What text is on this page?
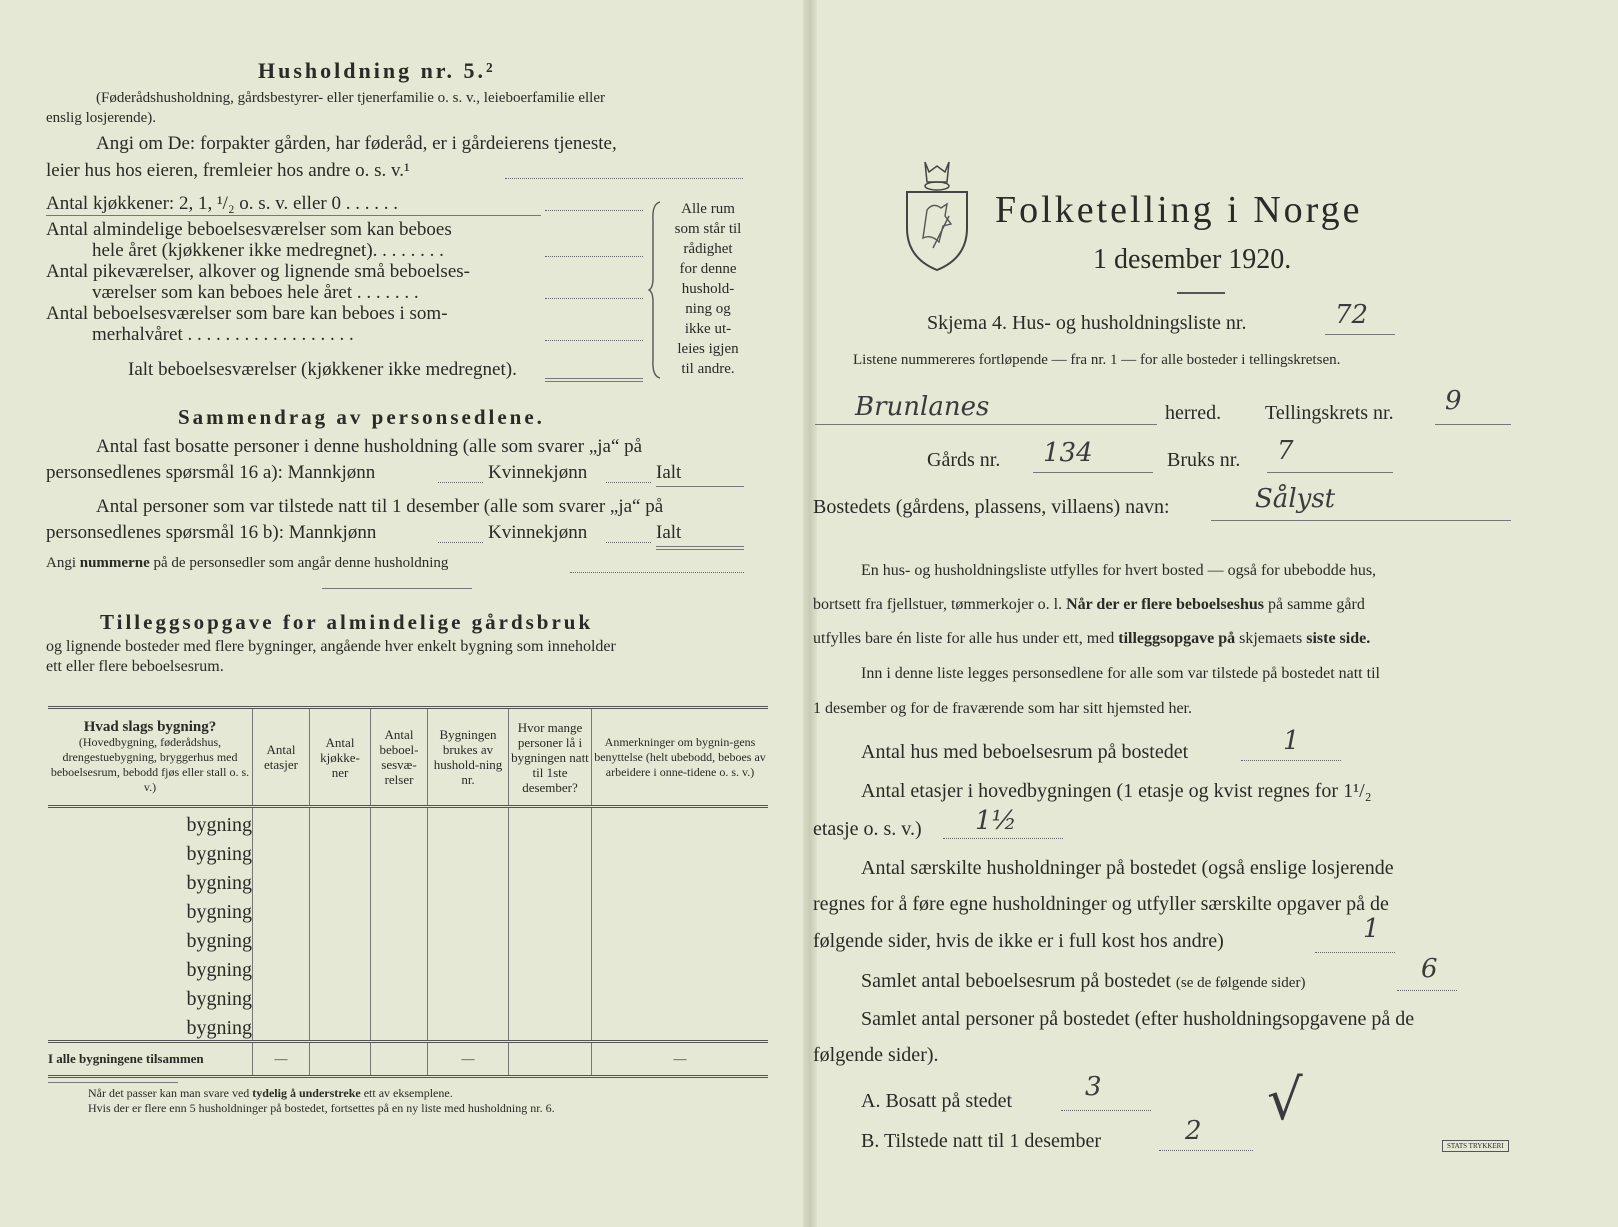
Husholdning nr. 5.²
(Føderådshusholdning, gårdsbestyrer- eller tjenerfamilie o. s. v., leieboerfamilie eller
enslig losjerende).
Angi om De: forpakter gården, har føderåd, er i gårdeierens tjeneste,
leier hus hos eieren, fremleier hos andre o. s. v.¹
Antal kjøkkener: 2, 1, ¹/₂ o. s. v. eller 0 . . . . . .
Antal almindelige beboelsesværelser som kan beboes
hele året (kjøkkener ikke medregnet). . . . . . . .
Antal pikeværelser, alkover og lignende små beboelses-
værelser som kan beboes hele året . . . . . . .
Antal beboelsesværelser som bare kan beboes i som-
merhalvåret . . . . . . . . . . . . . . . . . .
Ialt beboelsesværelser (kjøkkener ikke medregnet).
Alle rum
som står til
rådighet
for denne
hushold-
ning og
ikke ut-
leies igjen
til andre.
Sammendrag av personsedlene.
Antal fast bosatte personer i denne husholdning (alle som svarer „ja“ på
personsedlenes spørsmål 16 a): Mannkjønn	Kvinnekjønn	Ialt
Antal personer som var tilstede natt til 1 desember (alle som svarer „ja“ på
personsedlenes spørsmål 16 b): Mannkjønn	Kvinnekjønn	Ialt
Angi nummerne på de personsedler som angår denne husholdning
Tilleggsopgave for almindelige gårdsbruk
og lignende bosteder med flere bygninger, angående hver enkelt bygning som inneholder
ett eller flere beboelsesrum.
Hvad slags bygning?
(Hovedbygning, føderådshus, drengestuebygning, bryggerhus med beboelsesrum, bebodd fjøs eller stall o. s. v.)	Antal etasjer	Antal kjøkke-ner	Antal beboel-sesvæ-relser	Bygningen brukes av hushold-ning nr.	Hvor mange personer lå i bygningen natt til 1ste desember?	Anmerkninger om bygnin-gens benyttelse (helt ubebodd, beboes av arbeidere i onne-tidene o. s. v.)
bygning						
bygning						
bygning						
bygning						
bygning						
bygning						
bygning						
bygning						
I alle bygningene tilsammen	—			—		—
Når det passer kan man svare ved tydelig å understreke ett av eksemplene.
Hvis der er flere enn 5 husholdninger på bostedet, fortsettes på en ny liste med husholdning nr. 6.
Folketelling i Norge
1 desember 1920.
Skjema 4. Hus- og husholdningsliste nr.	72
Listene nummereres fortløpende — fra nr. 1 — for alle bosteder i tellingskretsen.
Brunlanes	herred. Tellingskrets nr. 9
Gårds nr. 134	Bruks nr. 7
Bostedets (gårdens, plassens, villaens) navn:	Sålyst
En hus- og husholdningsliste utfylles for hvert bosted — også for ubebodde hus,
bortsett fra fjellstuer, tømmerkojer o. l. Når der er flere beboelseshus på samme gård
utfylles bare én liste for alle hus under ett, med tilleggsopgave på skjemaets siste side.
Inn i denne liste legges personsedlene for alle som var tilstede på bostedet natt til
1 desember og for de fraværende som har sitt hjemsted her.
Antal hus med beboelsesrum på bostedet	1
Antal etasjer i hovedbygningen (1 etasje og kvist regnes for 1¹/₂
etasje o. s. v.) 1½
Antal særskilte husholdninger på bostedet (også enslige losjerende
regnes for å føre egne husholdninger og utfyller særskilte opgaver på de
følgende sider, hvis de ikke er i full kost hos andre)	1
Samlet antal beboelsesrum på bostedet (se de følgende sider)	6
Samlet antal personer på bostedet (efter husholdningsopgavene på de
følgende sider).
A. Bosatt på stedet	3
B. Tilstede natt til 1 desember	2 √
STATS TRYKKERI
